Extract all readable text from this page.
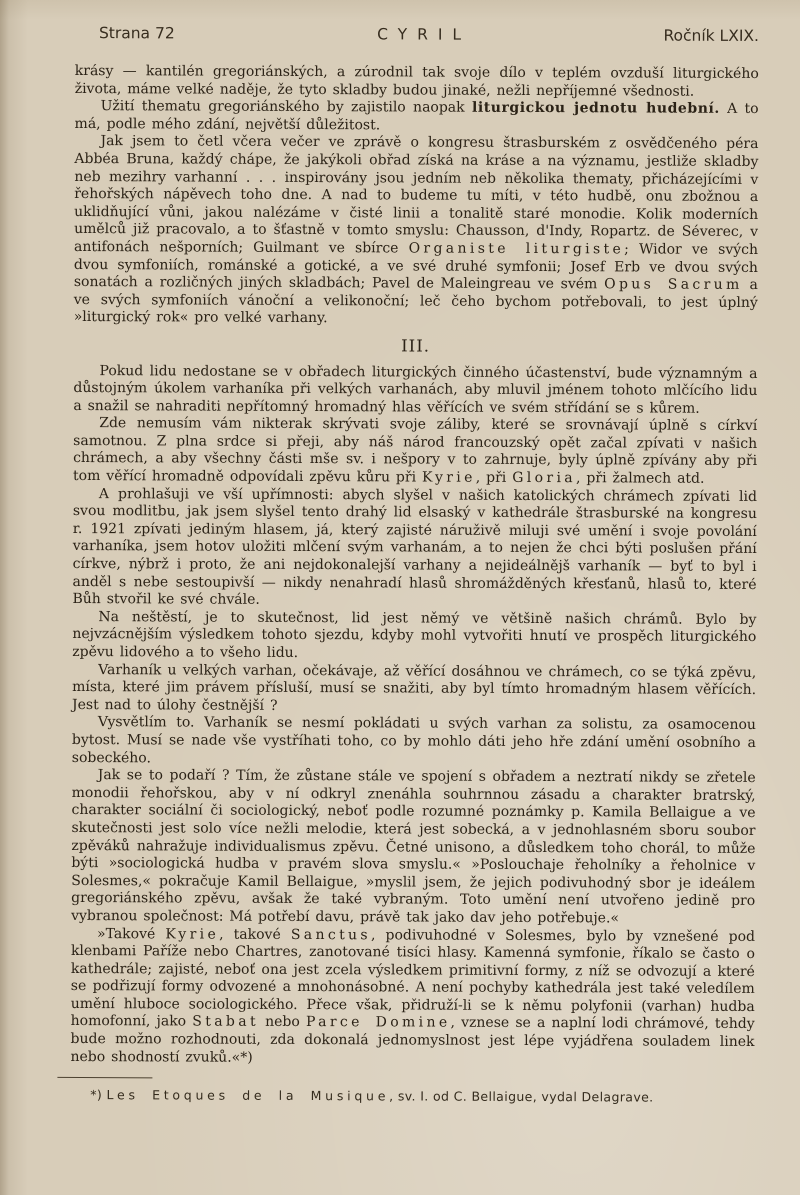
Strana 72	CYRIL	Ročník LXIX.

krásy — kantilén gregoriánských, a zúrodnil tak svoje dílo v teplém ovzduší liturgického života, máme velké naděje, že tyto skladby budou jinaké, nežli nepříjemné všednosti.

Užití thematu gregoriánského by zajistilo naopak liturgickou jednotu hudební. A to má, podle mého zdání, největší důležitost.

Jak jsem to četl včera večer ve zprávě o kongresu štrasburském z osvědčeného péra Abbéa Bruna, každý chápe, že jakýkoli obřad získá na kráse a na významu, jestliže skladby neb mezihry varhanní . . . inspirovány jsou jedním neb několika thematy, přicházejícími v řehořských nápěvech toho dne. A nad to budeme tu míti, v této hudbě, onu zbožnou a uklidňující vůni, jakou nalézáme v čisté linii a tonalitě staré monodie. Kolik moderních umělců již pracovalo, a to šťastně v tomto smyslu: Chausson, d'Indy, Ropartz. de Séverec, v antifonách nešporních; Guilmant ve sbírce Organiste liturgiste; Widor ve svých dvou symfoniích, románské a gotické, a ve své druhé symfonii; Josef Erb ve dvou svých sonatách a rozličných jiných skladbách; Pavel de Maleingreau ve svém Opus Sacrum a ve svých symfoniích vánoční a velikonoční; leč čeho bychom potřebovali, to jest úplný »liturgický rok« pro velké varhany.

III.

Pokud lidu nedostane se v obřadech liturgických činného účastenství, bude významným a důstojným úkolem varhaníka při velkých varhanách, aby mluvil jménem tohoto mlčícího lidu a snažil se nahraditi nepřítomný hromadný hlas věřících ve svém střídání se s kůrem.

Zde nemusím vám nikterak skrývati svoje záliby, které se srovnávají úplně s církví samotnou. Z plna srdce si přeji, aby náš národ francouzský opět začal zpívati v našich chrámech, a aby všechny části mše sv. i nešpory v to zahrnuje, byly úplně zpívány aby při tom věřící hromadně odpovídali zpěvu kůru při Kyrie, při Gloria, při žalmech atd.

A prohlašuji ve vší upřímnosti: abych slyšel v našich katolických chrámech zpívati lid svou modlitbu, jak jsem slyšel tento drahý lid elsaský v kathedrále štrasburské na kongresu r. 1921 zpívati jediným hlasem, já, který zajisté náruživě miluji své umění i svoje povolání varhaníka, jsem hotov uložiti mlčení svým varhanám, a to nejen že chci býti poslušen přání církve, nýbrž i proto, že ani nejdokonalejší varhany a nejideálnějš varhaník — byť to byl i anděl s nebe sestoupivší — nikdy nenahradí hlasů shromážděných křesťanů, hlasů to, které Bůh stvořil ke své chvále.

Na neštěstí, je to skutečnost, lid jest němý ve většině našich chrámů. Bylo by nejvzácnějším výsledkem tohoto sjezdu, kdyby mohl vytvořiti hnutí ve prospěch liturgického zpěvu lidového a to všeho lidu.

Varhaník u velkých varhan, očekávaje, až věřící dosáhnou ve chrámech, co se týká zpěvu, místa, které jim právem přísluší, musí se snažiti, aby byl tímto hromadným hlasem věřících. Jest nad to úlohy čestnější ?

Vysvětlím to. Varhaník se nesmí pokládati u svých varhan za solistu, za osamocenou bytost. Musí se nade vše vystříhati toho, co by mohlo dáti jeho hře zdání umění osobního a sobeckého.

Jak se to podaří ? Tím, že zůstane stále ve spojení s obřadem a neztratí nikdy se zřetele monodii řehořskou, aby v ní odkryl znenáhla souhrnnou zásadu a charakter bratrský, charakter sociální či sociologický, neboť podle rozumné poznámky p. Kamila Bellaigue a ve skutečnosti jest solo více nežli melodie, která jest sobecká, a v jednohlasném sboru soubor zpěváků nahražuje individualismus zpěvu. Četné unisono, a důsledkem toho chorál, to může býti »sociologická hudba v pravém slova smyslu.« »Poslouchaje řeholníky a řeholnice v Solesmes,« pokračuje Kamil Bellaigue, »myslil jsem, že jejich podivuhodný sbor je ideálem gregoriánského zpěvu, avšak že také vybraným. Toto umění není utvořeno jedině pro vybranou společnost: Má potřebí davu, právě tak jako dav jeho potřebuje.«

»Takové Kyrie, takové Sanctus, podivuhodné v Solesmes, bylo by vznešené pod klenbami Paříže nebo Chartres, zanotované tisíci hlasy. Kamenná symfonie, říkalo se často o kathedrále; zajisté, neboť ona jest zcela výsledkem primitivní formy, z níž se odvozují a které se podřizují formy odvozené a mnohonásobné. A není pochyby kathedrála jest také veledílem umění hluboce sociologického. Přece však, přidruží-li se k němu polyfonii (varhan) hudba homofonní, jako Stabat nebo Parce Domine, vznese se a naplní lodi chrámové, tehdy bude možno rozhodnouti, zda dokonalá jednomyslnost jest lépe vyjádřena souladem linek nebo shodností zvuků.«*)

*) Les Etoques de la Musique, sv. I. od C. Bellaigue, vydal Delagrave.
